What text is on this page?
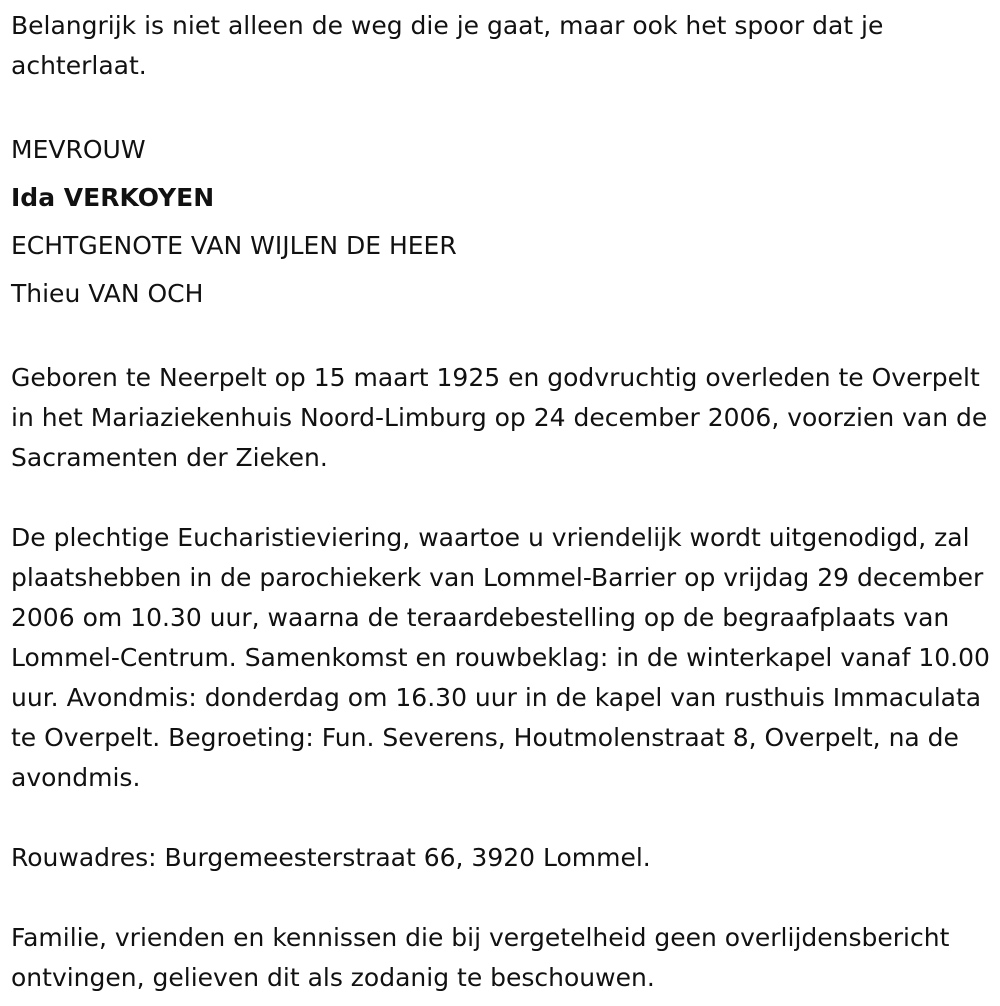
Belangrijk is niet alleen de weg die je gaat, maar ook het spoor dat je achterlaat.

MEVROUW

Ida VERKOYEN

ECHTGENOTE VAN WIJLEN DE HEER

Thieu VAN OCH

Geboren te Neerpelt op 15 maart 1925 en godvruchtig overleden te Overpelt in het Mariaziekenhuis Noord-Limburg op 24 december 2006, voorzien van de Sacramenten der Zieken.

De plechtige Eucharistieviering, waartoe u vriendelijk wordt uitgenodigd, zal plaatshebben in de parochiekerk van Lommel-Barrier op vrijdag 29 december 2006 om 10.30 uur, waarna de teraardebestelling op de begraafplaats van Lommel-Centrum. Samenkomst en rouwbeklag: in de winterkapel vanaf 10.00 uur. Avondmis: donderdag om 16.30 uur in de kapel van rusthuis Immaculata te Overpelt. Begroeting: Fun. Severens, Houtmolenstraat 8, Overpelt, na de avondmis.

Rouwadres: Burgemeesterstraat 66, 3920 Lommel.

Familie, vrienden en kennissen die bij vergetelheid geen overlijdensbericht ontvingen, gelieven dit als zodanig te beschouwen.
